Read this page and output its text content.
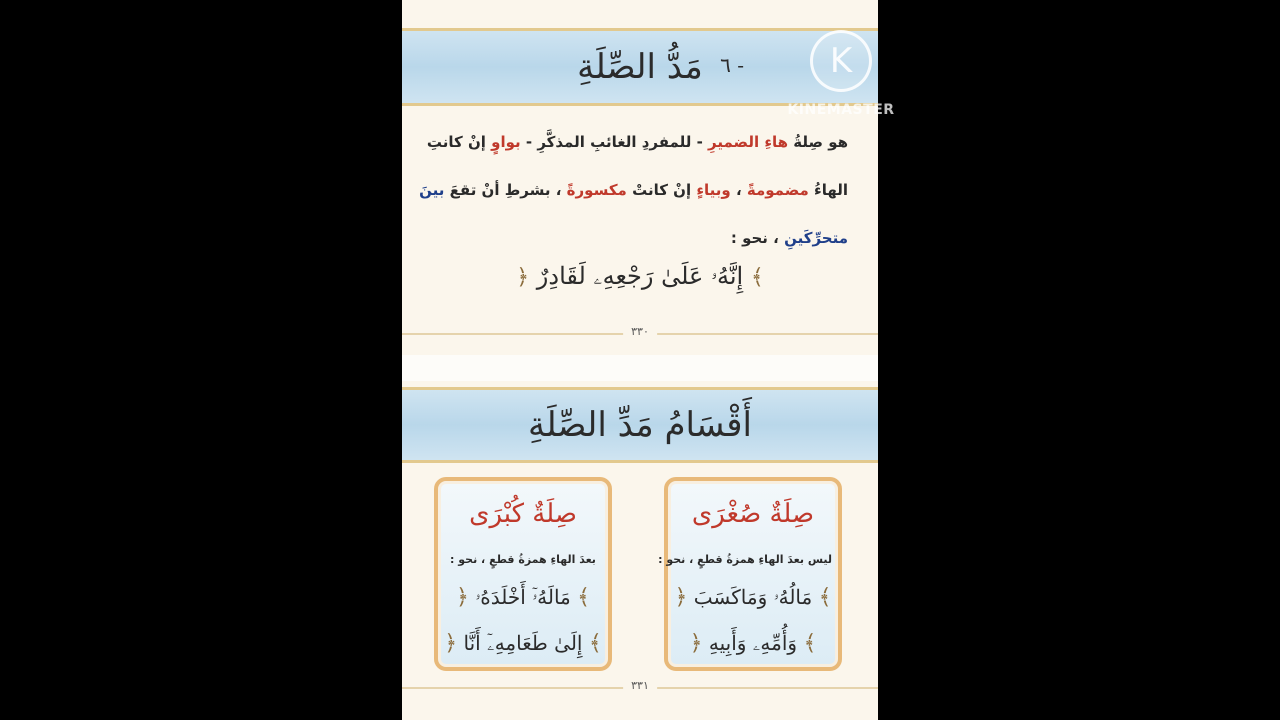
مَدُّ الصِّلَةِ ٦ -
هو صِلةُ هاءِ الضميرِ - للمفردِ الغائبِ المذكَّرِ - بواوٍ إنْ كانتِ
الهاءُ مضمومةً ، وبياءٍ إنْ كانتْ مكسورةً ، بشرطِ أنْ تقعَ بينَ
متحرِّكَينِ ، نحو :
﴾ إِنَّهُۥ عَلَىٰ رَجْعِهِۦ لَقَادِرٌ ﴿
٣٣٠
أَقْسَامُ مَدِّ الصِّلَةِ
صِلَةٌ صُغْرَى
ليس بعدَ الهاءِ همزةُ قطعٍ ، نحو :
﴾ مَالُهُۥ وَمَاكَسَبَ ﴿
﴾ وَأُمِّهِۦ وَأَبِيهِ ﴿
صِلَةٌ كُبْرَى
بعدَ الهاءِ همزةُ قطعٍ ، نحو :
﴾ مَالَهُۥٓ أَخْلَدَهُۥ ﴿
﴾ إِلَىٰ طَعَامِهِۦٓ أَنَّا ﴿
٣٣١
K
KINEMASTER
